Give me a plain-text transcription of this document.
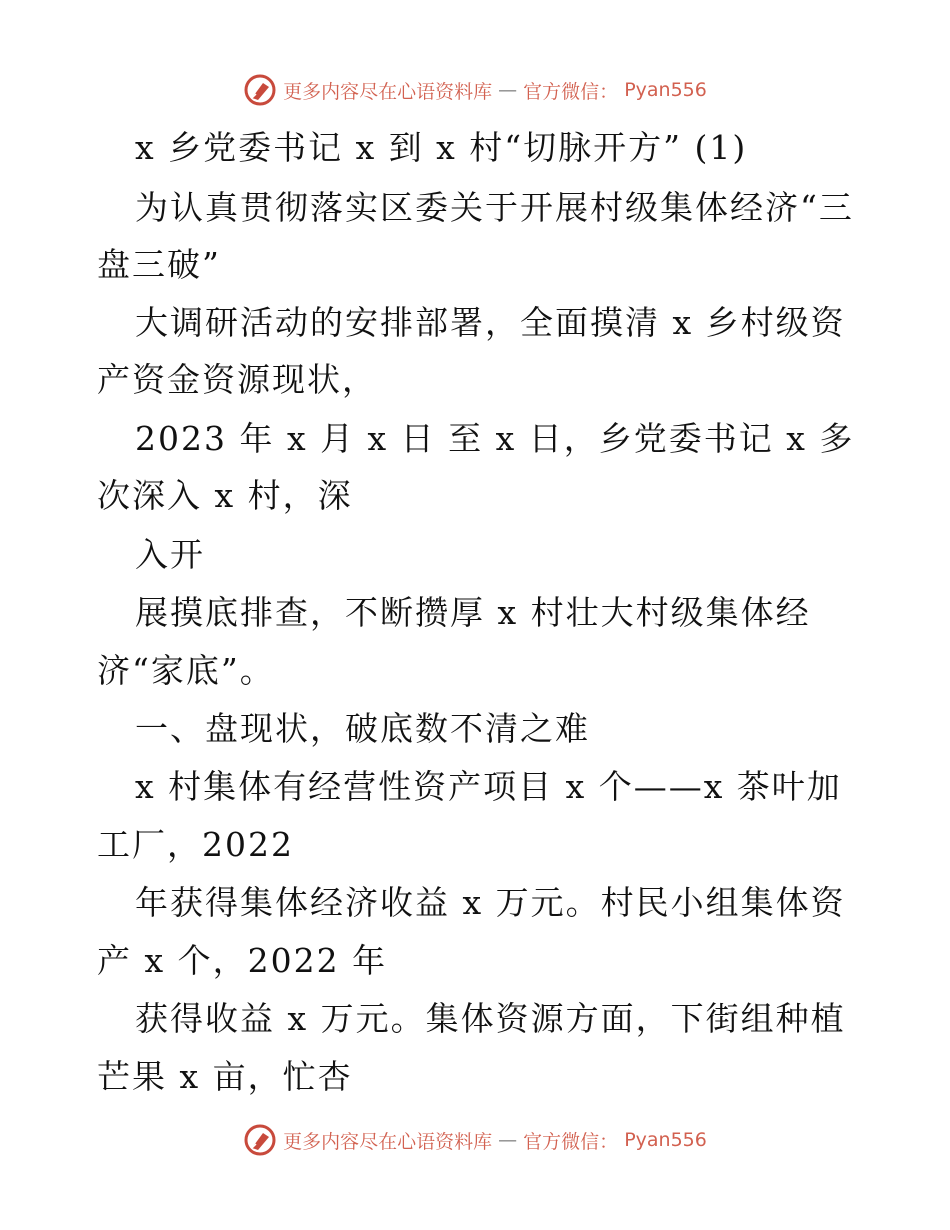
更多内容尽在心语资料库 — 官方微信： Pyan556
x 乡党委书记 x 到 x 村“切脉开方” (1)
为认真贯彻落实区委关于开展村级集体经济“三
盘三破”
大调研活动的安排部署，全面摸清 x 乡村级资
产资金资源现状，
2023 年 x 月 x 日 至 x 日，乡党委书记 x 多
次深入 x 村，深
入开
展摸底排查，不断攒厚 x 村壮大村级集体经
济“家底”。
一、盘现状，破底数不清之难
x 村集体有经营性资产项目 x 个——x 茶叶加
工厂，2022
年获得集体经济收益 x 万元。村民小组集体资
产 x 个，2022 年
获得收益 x 万元。集体资源方面，下街组种植
芒果 x 亩，忙杏
更多内容尽在心语资料库 — 官方微信： Pyan556
